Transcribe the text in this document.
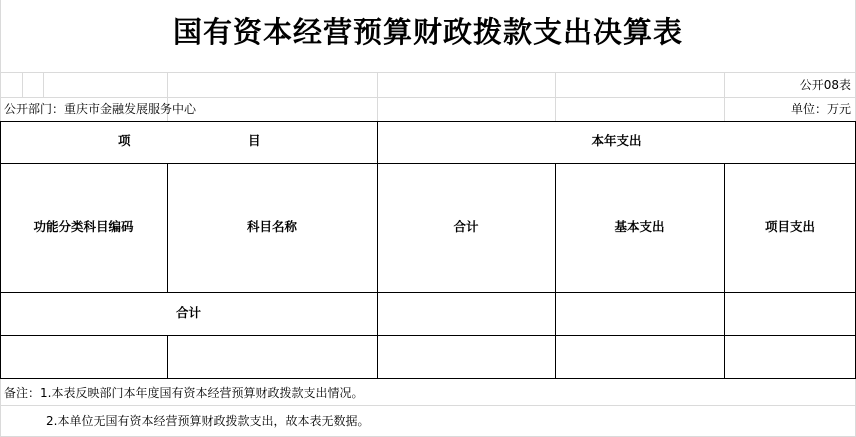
国有资本经营预算财政拨款支出决算表
公开08表
公开部门：重庆市金融发展服务中心	单位：万元
项	目	本年支出
功能分类科目编码	科目名称	合计	基本支出	项目支出
合计
备注：1.本表反映部门本年度国有资本经营预算财政拨款支出情况。
2.本单位无国有资本经营预算财政拨款支出，故本表无数据。
